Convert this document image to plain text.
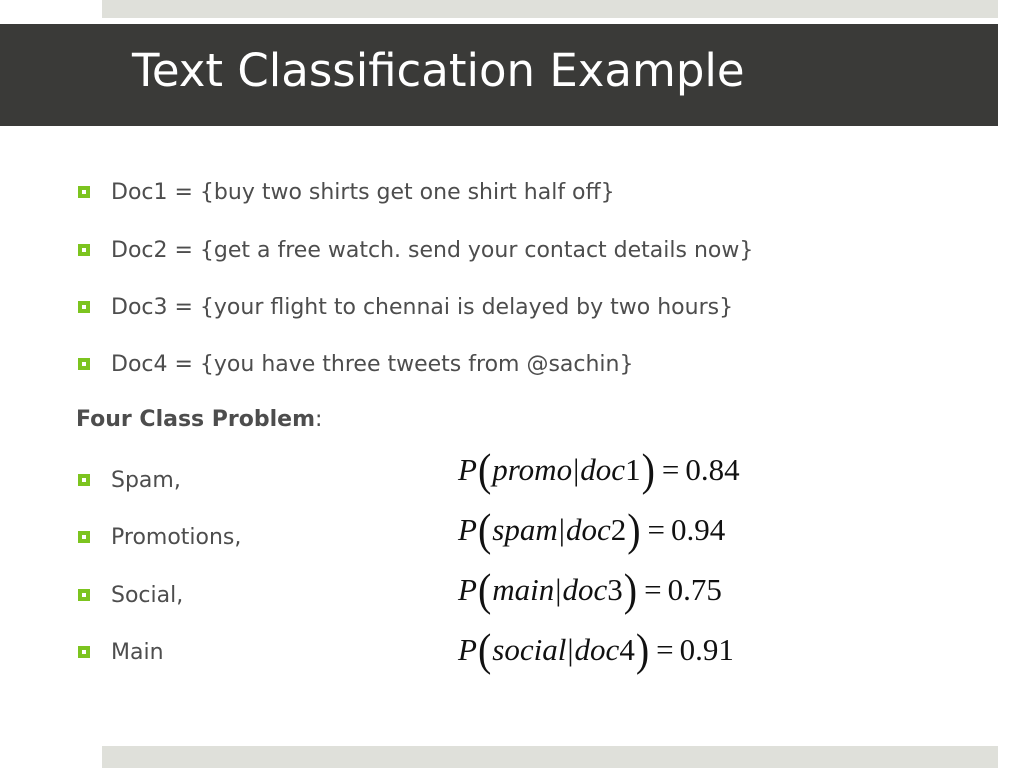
Text Classification Example
Doc1 = {buy two shirts get one shirt half off}
Doc2 = {get a free watch. send your contact details now}
Doc3 = {your flight to chennai is delayed by two hours}
Doc4 = {you have three tweets from @sachin}
Four Class Problem:
Spam,
Promotions,
Social,
Main
P ( promo | doc 1 ) = 0.84
P ( spam | doc 2 ) = 0.94
P ( main | doc 3 ) = 0.75
P ( social | doc 4 ) = 0.91
